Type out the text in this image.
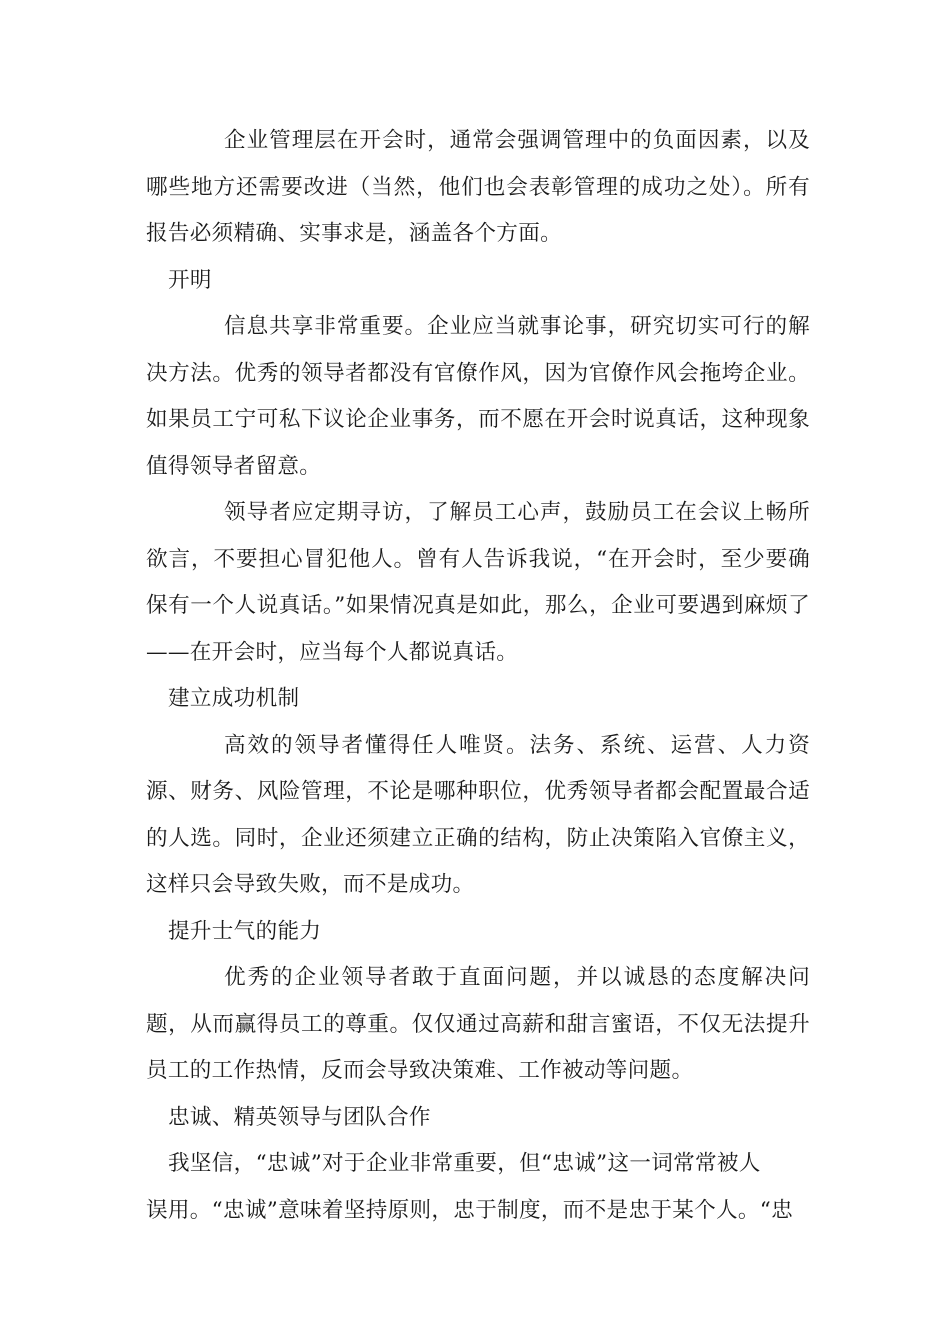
企业管理层在开会时，通常会强调管理中的负面因素，以及哪些地方还需要改进（当然，他们也会表彰管理的成功之处）。所有报告必须精确、实事求是，涵盖各个方面。

开明

信息共享非常重要。企业应当就事论事，研究切实可行的解决方法。优秀的领导者都没有官僚作风，因为官僚作风会拖垮企业。如果员工宁可私下议论企业事务，而不愿在开会时说真话，这种现象值得领导者留意。

领导者应定期寻访，了解员工心声，鼓励员工在会议上畅所欲言，不要担心冒犯他人。曾有人告诉我说，“在开会时，至少要确保有一个人说真话。”如果情况真是如此，那么，企业可要遇到麻烦了——在开会时，应当每个人都说真话。

建立成功机制

高效的领导者懂得任人唯贤。法务、系统、运营、人力资源、财务、风险管理，不论是哪种职位，优秀领导者都会配置最合适的人选。同时，企业还须建立正确的结构，防止决策陷入官僚主义，这样只会导致失败，而不是成功。

提升士气的能力

优秀的企业领导者敢于直面问题，并以诚恳的态度解决问题，从而赢得员工的尊重。仅仅通过高薪和甜言蜜语，不仅无法提升员工的工作热情，反而会导致决策难、工作被动等问题。

忠诚、精英领导与团队合作

我坚信，“忠诚”对于企业非常重要，但“忠诚”这一词常常被人

误用。“忠诚”意味着坚持原则，忠于制度，而不是忠于某个人。“忠
